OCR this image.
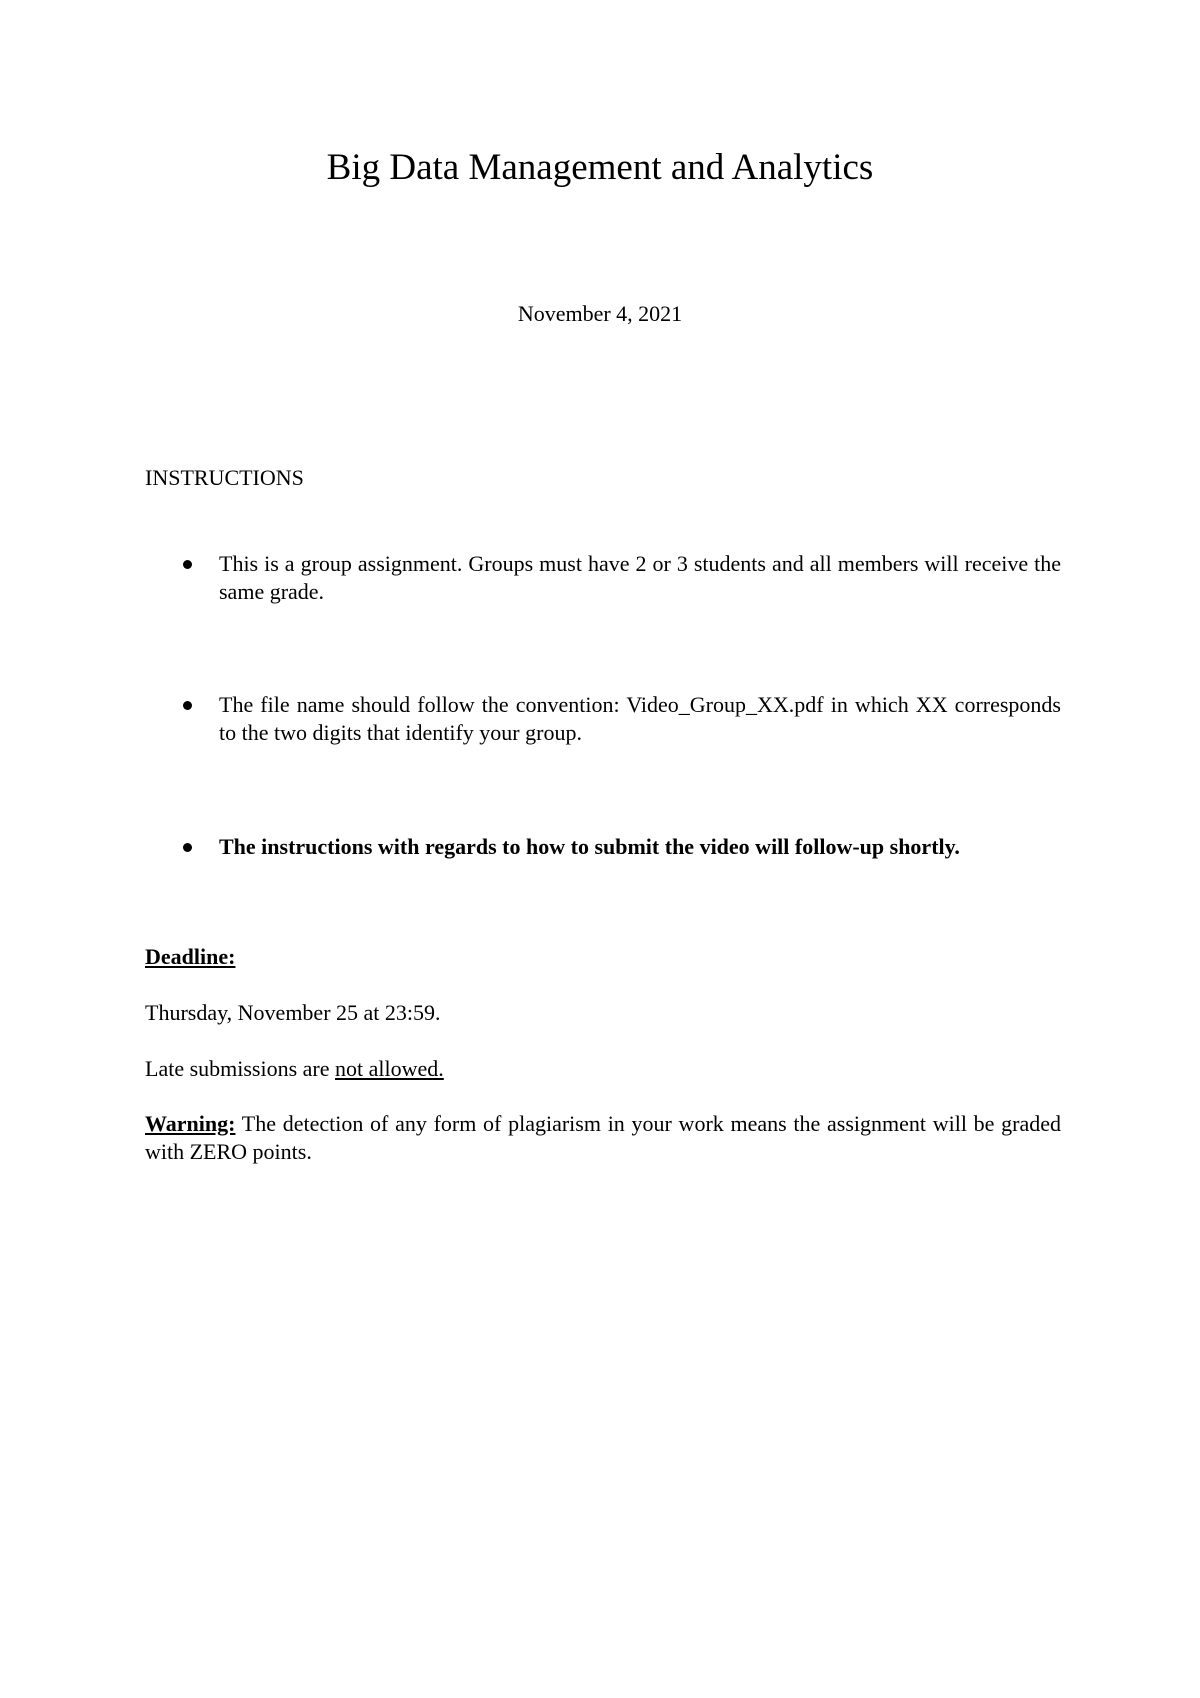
Big Data Management and Analytics
November 4, 2021
INSTRUCTIONS
This is a group assignment. Groups must have 2 or 3 students and all members will receive the same grade.
The file name should follow the convention: Video_Group_XX.pdf in which XX corresponds to the two digits that identify your group.
The instructions with regards to how to submit the video will follow-up shortly.
Deadline:
Thursday, November 25 at 23:59.
Late submissions are not allowed.
Warning: The detection of any form of plagiarism in your work means the assignment will be graded with ZERO points.
